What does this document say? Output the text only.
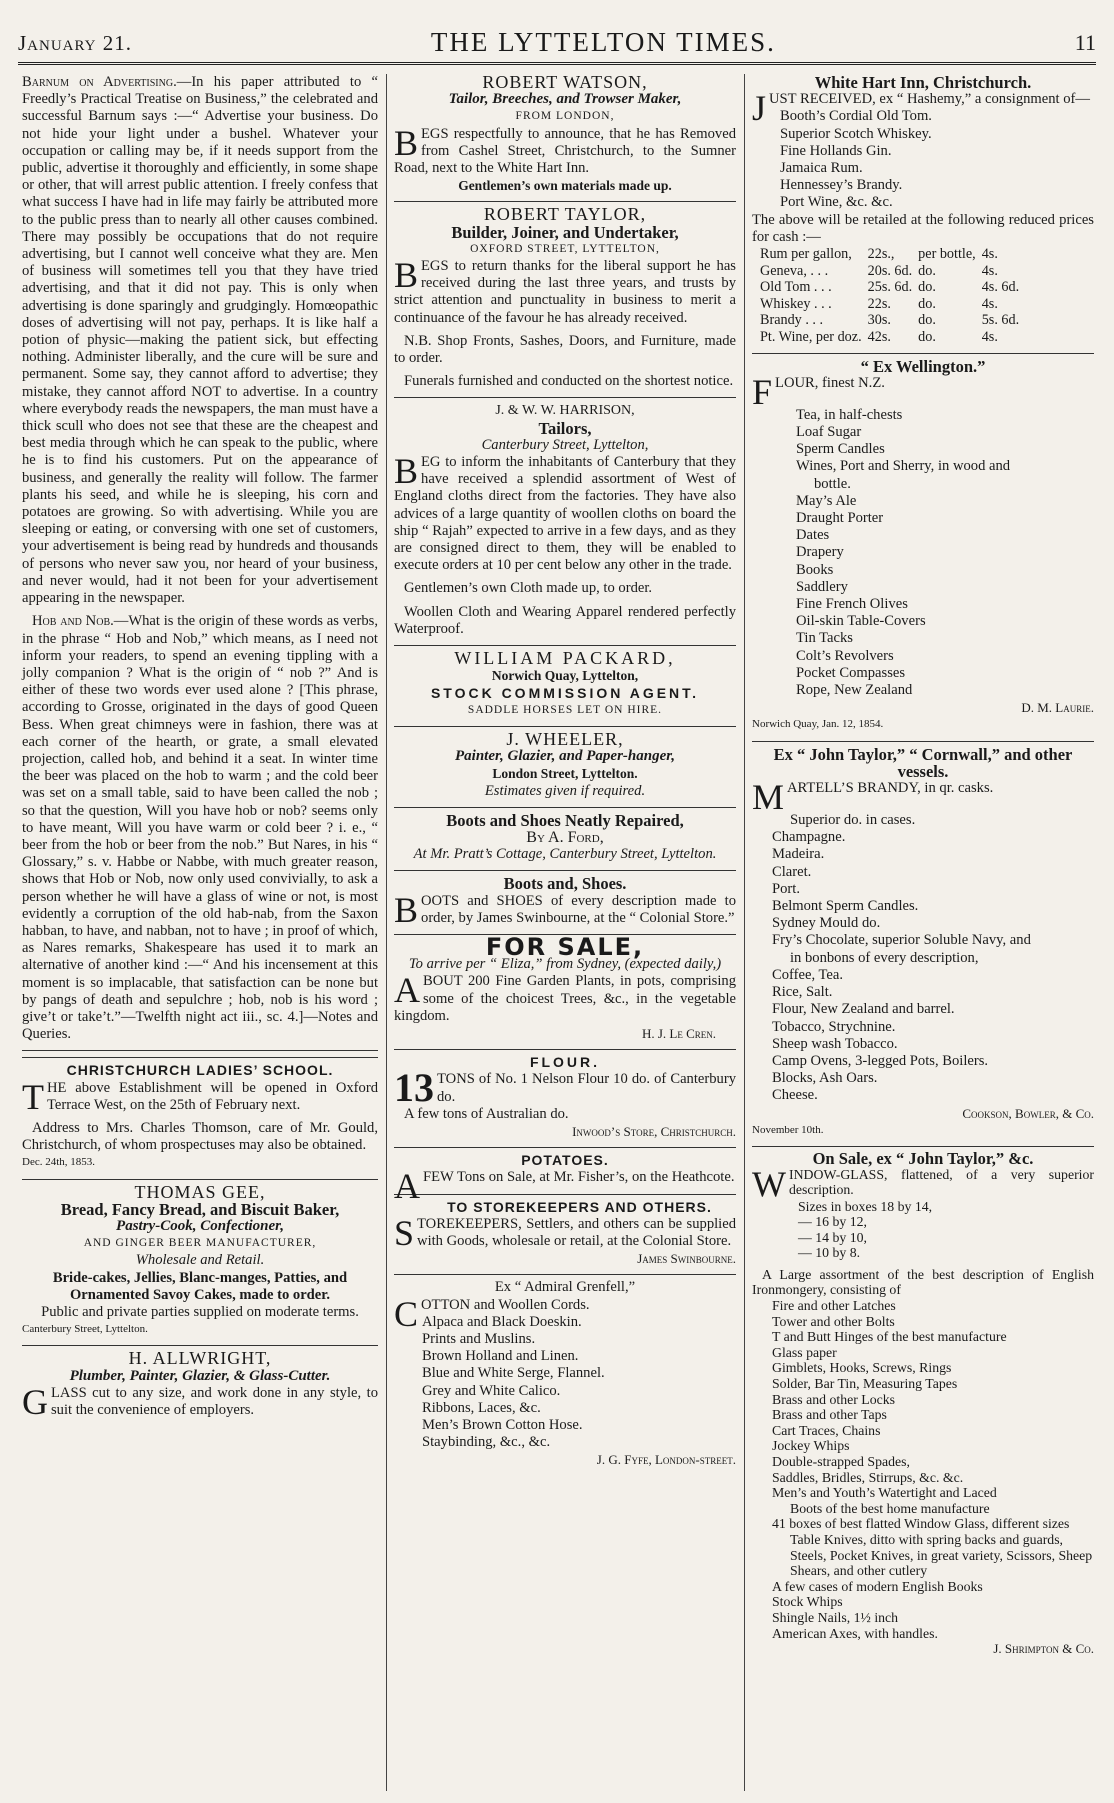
January 21.	THE LYTTELTON TIMES.	11

Barnum on Advertising.—In his paper attributed to “ Freedly’s Practical Treatise on Business,” the celebrated and successful Barnum says :—“ Advertise your business. Do not hide your light under a bushel. Whatever your occupation or calling may be, if it needs support from the public, advertise it thoroughly and efficiently, in some shape or other, that will arrest public attention. I freely confess that what success I have had in life may fairly be attributed more to the public press than to nearly all other causes combined. There may possibly be occupations that do not require advertising, but I cannot well conceive what they are. Men of business will sometimes tell you that they have tried advertising, and that it did not pay. This is only when advertising is done sparingly and grudgingly. Homœopathic doses of advertising will not pay, perhaps. It is like half a potion of physic—making the patient sick, but effecting nothing. Administer liberally, and the cure will be sure and permanent. Some say, they cannot afford to advertise; they mistake, they cannot afford NOT to advertise. In a country where everybody reads the newspapers, the man must have a thick scull who does not see that these are the cheapest and best media through which he can speak to the public, where he is to find his customers. Put on the appearance of business, and generally the reality will follow. The farmer plants his seed, and while he is sleeping, his corn and potatoes are growing. So with advertising. While you are sleeping or eating, or conversing with one set of customers, your advertisement is being read by hundreds and thousands of persons who never saw you, nor heard of your business, and never would, had it not been for your advertisement appearing in the newspaper.

Hob and Nob.—What is the origin of these words as verbs, in the phrase “ Hob and Nob,” which means, as I need not inform your readers, to spend an evening tippling with a jolly companion ? What is the origin of “ nob ?” And is either of these two words ever used alone ? [This phrase, according to Grosse, originated in the days of good Queen Bess. When great chimneys were in fashion, there was at each corner of the hearth, or grate, a small elevated projection, called hob, and behind it a seat. In winter time the beer was placed on the hob to warm ; and the cold beer was set on a small table, said to have been called the nob ; so that the question, Will you have hob or nob? seems only to have meant, Will you have warm or cold beer ? i. e., “ beer from the hob or beer from the nob.” But Nares, in his “ Glossary,” s. v. Habbe or Nabbe, with much greater reason, shows that Hob or Nob, now only used convivially, to ask a person whether he will have a glass of wine or not, is most evidently a corruption of the old hab-nab, from the Saxon habban, to have, and nabban, not to have ; in proof of which, as Nares remarks, Shakespeare has used it to mark an alternative of another kind :—“ And his incensement at this moment is so implacable, that satisfaction can be none but by pangs of death and sepulchre ; hob, nob is his word ; give’t or take’t.”—Twelfth night act iii., sc. 4.]—Notes and Queries.

CHRISTCHURCH LADIES’ SCHOOL.

THE above Establishment will be opened in Oxford Terrace West, on the 25th of February next.

Address to Mrs. Charles Thomson, care of Mr. Gould, Christchurch, of whom prospectuses may also be obtained.

Dec. 24th, 1853.
THOMAS GEE,
Bread, Fancy Bread, and Biscuit Baker,
Pastry-Cook, Confectioner,
AND GINGER BEER MANUFACTURER,
Wholesale and Retail.

Bride-cakes, Jellies, Blanc-manges, Patties, and Ornamented Savoy Cakes, made to order.

Public and private parties supplied on moderate terms.

Canterbury Street, Lyttelton.
H. ALLWRIGHT,
Plumber, Painter, Glazier, & Glass-Cutter.

GLASS cut to any size, and work done in any style, to suit the convenience of employers.

ROBERT WATSON,
Tailor, Breeches, and Trowser Maker,
FROM LONDON,

BEGS respectfully to announce, that he has Removed from Cashel Street, Christchurch, to the Sumner Road, next to the White Hart Inn.

Gentlemen’s own materials made up.
ROBERT TAYLOR,
Builder, Joiner, and Undertaker,
OXFORD STREET, LYTTELTON,

BEGS to return thanks for the liberal support he has received during the last three years, and trusts by strict attention and punctuality in business to merit a continuance of the favour he has already received.

N.B. Shop Fronts, Sashes, Doors, and Furniture, made to order.

Funerals furnished and conducted on the shortest notice.

J. & W. W. HARRISON,
Tailors,
Canterbury Street, Lyttelton,

BEG to inform the inhabitants of Canterbury that they have received a splendid assortment of West of England cloths direct from the factories. They have also advices of a large quantity of woollen cloths on board the ship “ Rajah” expected to arrive in a few days, and as they are consigned direct to them, they will be enabled to execute orders at 10 per cent below any other in the trade.

Gentlemen’s own Cloth made up, to order.

Woollen Cloth and Wearing Apparel rendered perfectly Waterproof.

WILLIAM PACKARD,
Norwich Quay, Lyttelton,
STOCK COMMISSION AGENT.
SADDLE HORSES LET ON HIRE.
J. WHEELER,
Painter, Glazier, and Paper-hanger,
London Street, Lyttelton.
Estimates given if required.
Boots and Shoes Neatly Repaired,
By A. Ford,
At Mr. Pratt’s Cottage, Canterbury Street, Lyttelton.
Boots and, Shoes.

BOOTS and SHOES of every description made to order, by James Swinbourne, at the “ Colonial Store.”

FOR SALE,
To arrive per “ Eliza,” from Sydney, (expected daily,)

ABOUT 200 Fine Garden Plants, in pots, comprising some of the choicest Trees, &c., in the vegetable kingdom.

H. J. Le Cren.
FLOUR.

13 TONS of No. 1 Nelson Flour 10 do. of Canterbury do.

A few tons of Australian do.
Inwood’s Store, Christchurch.
POTATOES.

AFEW Tons on Sale, at Mr. Fisher’s, on the Heathcote.

TO STOREKEEPERS AND OTHERS.

STOREKEEPERS, Settlers, and others can be supplied with Goods, wholesale or retail, at the Colonial Store.

James Swinbourne.
Ex “ Admiral Grenfell,”

COTTON and Woollen Cords.

Alpaca and Black Doeskin.
Prints and Muslins.
Brown Holland and Linen.
Blue and White Serge, Flannel.
Grey and White Calico.
Ribbons, Laces, &c.
Men’s Brown Cotton Hose.
Staybinding, &c., &c.
J. G. Fyfe, London-street.
White Hart Inn, Christchurch.

JUST RECEIVED, ex “ Hashemy,” a consignment of—

Booth’s Cordial Old Tom.
Superior Scotch Whiskey.
Fine Hollands Gin.
Jamaica Rum.
Hennessey’s Brandy.
Port Wine, &c. &c.

The above will be retailed at the following reduced prices for cash :—

Rum per gallon,	22s.,	per bottle,	4s.
Geneva, . . .	20s. 6d.	do.	4s.
Old Tom . . .	25s. 6d.	do.	4s. 6d.
Whiskey . . .	22s.	do.	4s.
Brandy . . .	30s.	do.	5s. 6d.
Pt. Wine, per doz.	42s.	do.	4s.
“ Ex Wellington.”

FLOUR, finest N.Z.

Tea, in half-chests
Loaf Sugar
Sperm Candles
Wines, Port and Sherry, in wood and
bottle.
May’s Ale
Draught Porter
Dates
Drapery
Books
Saddlery
Fine French Olives
Oil-skin Table-Covers
Tin Tacks
Colt’s Revolvers
Pocket Compasses
Rope, New Zealand
D. M. Laurie.
Norwich Quay, Jan. 12, 1854.
Ex “ John Taylor,” “ Cornwall,” and other vessels.

MARTELL’S BRANDY, in qr. casks.

Superior do. in cases.
Champagne.
Madeira.
Claret.
Port.
Belmont Sperm Candles.
Sydney Mould do.
Fry’s Chocolate, superior Soluble Navy, and
in bonbons of every description,
Coffee, Tea.
Rice, Salt.
Flour, New Zealand and barrel.
Tobacco, Strychnine.
Sheep wash Tobacco.
Camp Ovens, 3-legged Pots, Boilers.
Blocks, Ash Oars.
Cheese.
Cookson, Bowler, & Co.
November 10th.
On Sale, ex “ John Taylor,” &c.

WINDOW-GLASS, flattened, of a very superior description.

Sizes in boxes 18 by 14,
— 16 by 12,
— 14 by 10,
— 10 by 8.

A Large assortment of the best description of English Ironmongery, consisting of

Fire and other Latches
Tower and other Bolts
T and Butt Hinges of the best manufacture
Glass paper
Gimblets, Hooks, Screws, Rings
Solder, Bar Tin, Measuring Tapes
Brass and other Locks
Brass and other Taps
Cart Traces, Chains
Jockey Whips
Double-strapped Spades,
Saddles, Bridles, Stirrups, &c. &c.
Men’s and Youth’s Watertight and Laced
Boots of the best home manufacture
41 boxes of best flatted Window Glass, different sizes
Table Knives, ditto with spring backs and guards, Steels, Pocket Knives, in great variety, Scissors, Sheep Shears, and other cutlery
A few cases of modern English Books
Stock Whips
Shingle Nails, 1½ inch
American Axes, with handles.
J. Shrimpton & Co.
